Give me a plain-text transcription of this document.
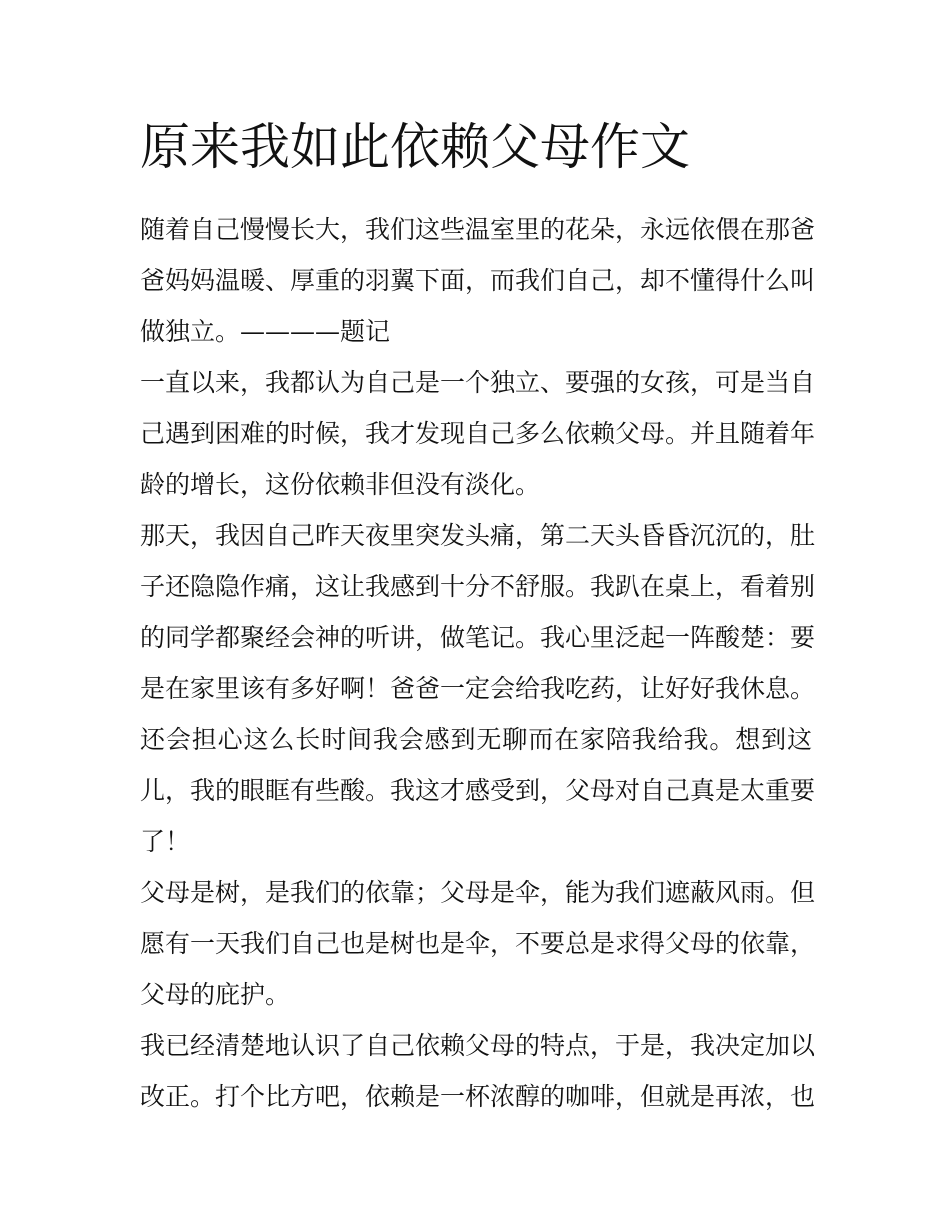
原来我如此依赖父母作文
随着自己慢慢长大，我们这些温室里的花朵，永远依偎在那爸
爸妈妈温暖、厚重的羽翼下面，而我们自己，却不懂得什么叫
做独立。————题记
一直以来，我都认为自己是一个独立、要强的女孩，可是当自
己遇到困难的时候，我才发现自己多么依赖父母。并且随着年
龄的增长，这份依赖非但没有淡化。
那天，我因自己昨天夜里突发头痛，第二天头昏昏沉沉的，肚
子还隐隐作痛，这让我感到十分不舒服。我趴在桌上，看着别
的同学都聚经会神的听讲，做笔记。我心里泛起一阵酸楚：要
是在家里该有多好啊！爸爸一定会给我吃药，让好好我休息。
还会担心这么长时间我会感到无聊而在家陪我给我。想到这
儿，我的眼眶有些酸。我这才感受到，父母对自己真是太重要
了！
父母是树，是我们的依靠；父母是伞，能为我们遮蔽风雨。但
愿有一天我们自己也是树也是伞，不要总是求得父母的依靠，
父母的庇护。
我已经清楚地认识了自己依赖父母的特点，于是，我决定加以
改正。打个比方吧，依赖是一杯浓醇的咖啡，但就是再浓，也
